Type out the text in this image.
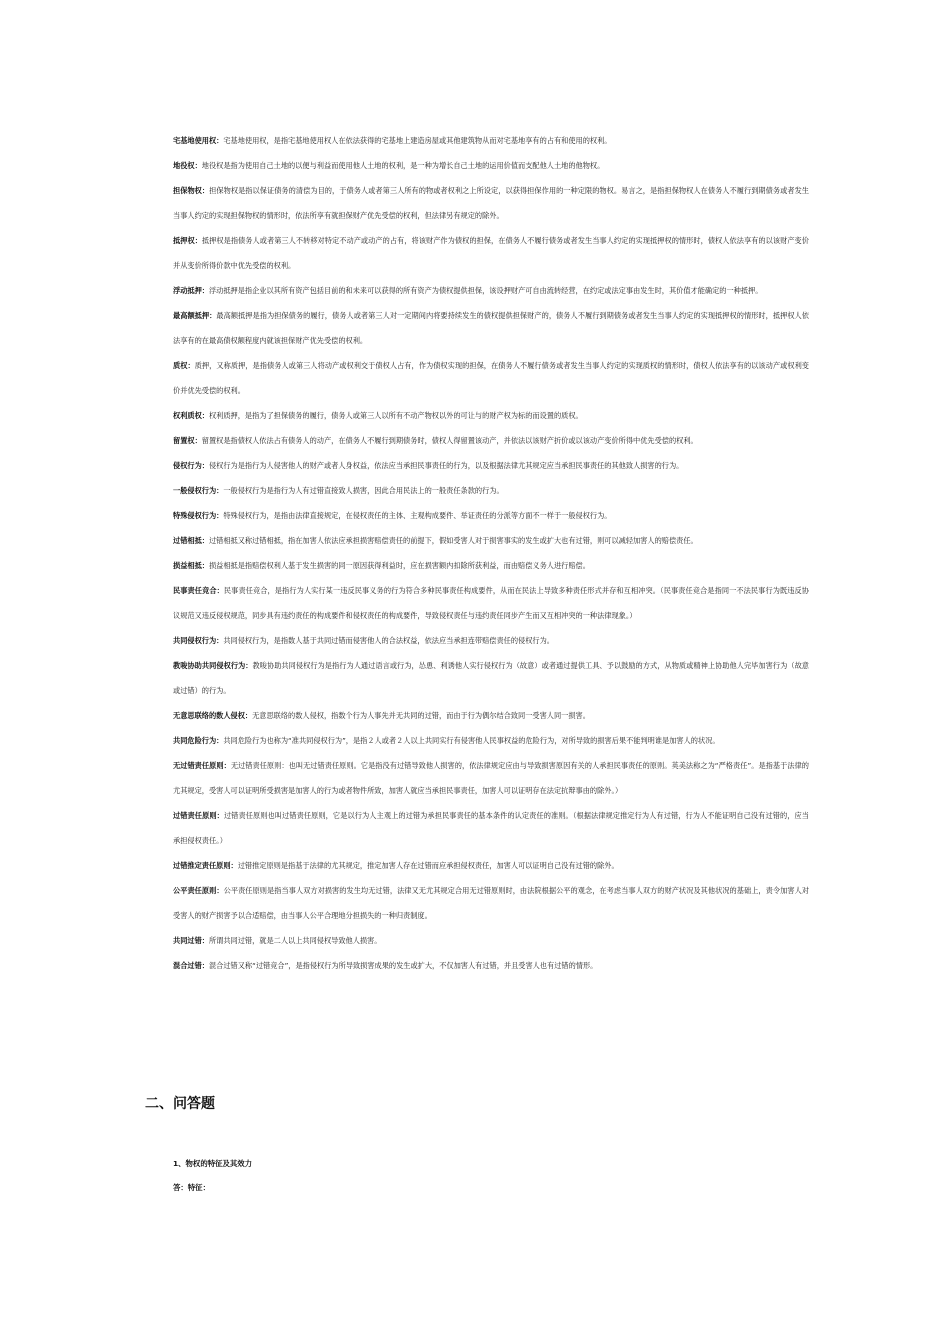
宅基地使用权：宅基地使用权，是指宅基地使用权人在依法获得的宅基地上建造房屋或其他建筑物从而对宅基地享有的占有和使用的权利。

地役权：地役权是指为使用自己土地的以便与利益而使用他人土地的权利，是一种为增长自己土地的运用价值而支配他人土地的他物权。

担保物权：担保物权是指以保证债务的清偿为目的，于债务人或者第三人所有的物或者权利之上所设定，以获得担保作用的一种定限的物权。易言之，是指担保物权人在债务人不履行到期债务或者发生当事人约定的实现担保物权的情形时，依法所享有就担保财产优先受偿的权利，但法律另有规定的除外。

抵押权：抵押权是指债务人或者第三人不转移对特定不动产或动产的占有，将该财产作为债权的担保，在债务人不履行债务或者发生当事人约定的实现抵押权的情形时，债权人依法享有的以该财产变价并从变价所得价款中优先受偿的权利。

浮动抵押：浮动抵押是指企业以其所有资产包括目前的和未来可以获得的所有资产为债权提供担保，该设押财产可自由流转经营，在约定或法定事由发生时，其价值才能确定的一种抵押。

最高额抵押：最高额抵押是指为担保债务的履行，债务人或者第三人对一定期间内将要持续发生的债权提供担保财产的，债务人不履行到期债务或者发生当事人约定的实现抵押权的情形时，抵押权人依法享有的在最高债权额程度内就该担保财产优先受偿的权利。

质权：质押，又称质押，是指债务人或第三人将动产或权利交于债权人占有，作为债权实现的担保，在债务人不履行债务或者发生当事人约定的实现质权的情形时，债权人依法享有的以该动产或权利变价并优先受偿的权利。

权利质权：权利质押，是指为了担保债务的履行，债务人或第三人以所有不动产物权以外的可让与的财产权为标的而设置的质权。

留置权：留置权是指债权人依法占有债务人的动产，在债务人不履行到期债务时，债权人得留置该动产，并依法以该财产折价或以该动产变价所得中优先受偿的权利。

侵权行为：侵权行为是指行为人侵害他人的财产或者人身权益，依法应当承担民事责任的行为，以及根据法律尤其规定应当承担民事责任的其他致人损害的行为。

一般侵权行为：一般侵权行为是指行为人有过错直接致人损害，因此合用民法上的一般责任条款的行为。

特殊侵权行为：特殊侵权行为，是指由法律直接规定，在侵权责任的主体、主观构成要件、举证责任的分派等方面不一样于一般侵权行为。

过错相抵：过错相抵又称过错相抵，指在加害人依法应承担损害赔偿责任的前提下，假如受害人对于损害事实的发生或扩大也有过错，则可以减轻加害人的赔偿责任。

损益相抵：损益相抵是指赔偿权利人基于发生损害的同一原因获得利益时，应在损害额内扣除所获利益，而由赔偿义务人进行赔偿。

民事责任竞合：民事责任竞合，是指行为人实行某一违反民事义务的行为符合多种民事责任构成要件，从而在民法上导致多种责任形式并存和互相冲突。（民事责任竞合是指同一不法民事行为既违反协议规范又违反侵权规范，同步具有违约责任的构成要件和侵权责任的构成要件，导致侵权责任与违约责任同步产生而又互相冲突的一种法律现象。）

共同侵权行为：共同侵权行为，是指数人基于共同过错而侵害他人的合法权益，依法应当承担连带赔偿责任的侵权行为。

教唆协助共同侵权行为：教唆协助共同侵权行为是指行为人通过语言或行为，怂恿、利诱他人实行侵权行为（故意）或者通过提供工具、予以鼓励的方式，从物质或精神上协助他人完毕加害行为（故意或过错）的行为。

无意思联络的数人侵权：无意思联络的数人侵权，指数个行为人事先并无共同的过错，而由于行为偶尔结合致同一受害人同一损害。

共同危险行为：共同危险行为也称为“准共同侵权行为”，是指２人或者２人以上共同实行有侵害他人民事权益的危险行为，对所导致的损害后果不能判明谁是加害人的状况。

无过错责任原则：无过错责任原则：也叫无过错责任原则。它是指没有过错导致他人损害的，依法律规定应由与导致损害原因有关的人承担民事责任的原则。英美法称之为“严格责任”。是指基于法律的尤其规定，受害人可以证明所受损害是加害人的行为或者物件所致，加害人就应当承担民事责任，加害人可以证明存在法定抗辩事由的除外。）

过错责任原则：过错责任原则也叫过错责任原则，它是以行为人主观上的过错为承担民事责任的基本条件的认定责任的准则。（根据法律规定推定行为人有过错，行为人不能证明自己没有过错的，应当承担侵权责任。）

过错推定责任原则：过错推定原则是指基于法律的尤其规定，推定加害人存在过错而应承担侵权责任，加害人可以证明自己没有过错的除外。

公平责任原则：公平责任原则是指当事人双方对损害的发生均无过错，法律又无尤其规定合用无过错原则时，由法院根据公平的观念，在考虑当事人双方的财产状况及其他状况的基础上，责令加害人对受害人的财产损害予以合适赔偿，由当事人公平合理地分担损失的一种归责制度。

共同过错：所谓共同过错，就是二人以上共同侵权导致他人损害。

混合过错：混合过错又称“过错竞合”，是指侵权行为所导致损害成果的发生或扩大，不仅加害人有过错，并且受害人也有过错的情形。

二、问答题

1、物权的特征及其效力

答：特征：
